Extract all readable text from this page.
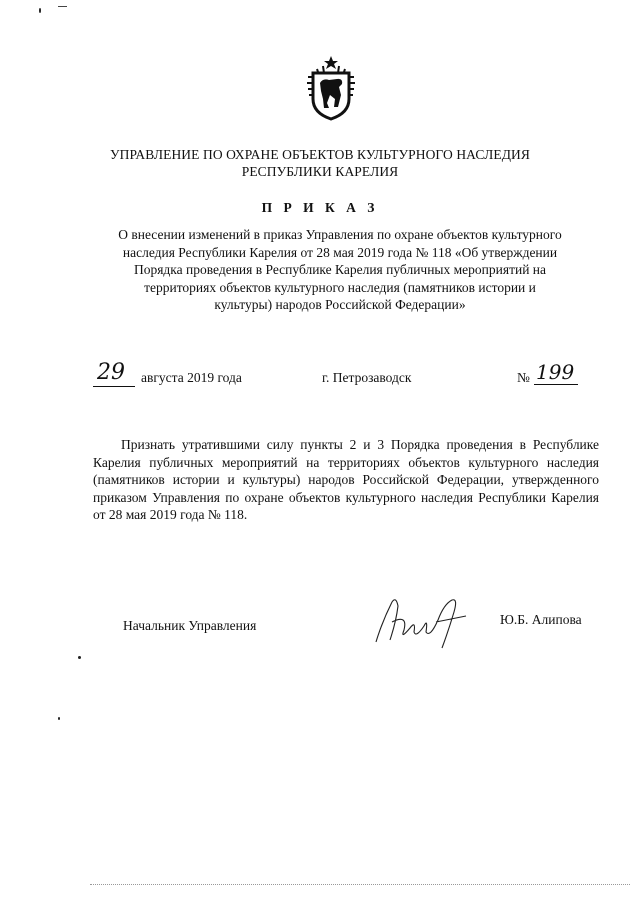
УПРАВЛЕНИЕ ПО ОХРАНЕ ОБЪЕКТОВ КУЛЬТУРНОГО НАСЛЕДИЯ
РЕСПУБЛИКИ КАРЕЛИЯ
П Р И К А З
О внесении изменений в приказ Управления по охране объектов культурного
наследия Республики Карелия от 28 мая 2019 года № 118 «Об утверждении
Порядка проведения в Республике Карелия публичных мероприятий на
территориях объектов культурного наследия (памятников истории и
культуры) народов Российской Федерации»
29 августа 2019 года	г. Петрозаводск	№ 199
Признать утратившими силу пункты 2 и 3 Порядка проведения в Республике Карелия публичных мероприятий на территориях объектов культурного наследия (памятников истории и культуры) народов Российской Федерации, утвержденного приказом Управления по охране объектов культурного наследия Республики Карелия от 28 мая 2019 года № 118.
Начальник Управления	Ю.Б. Алипова
